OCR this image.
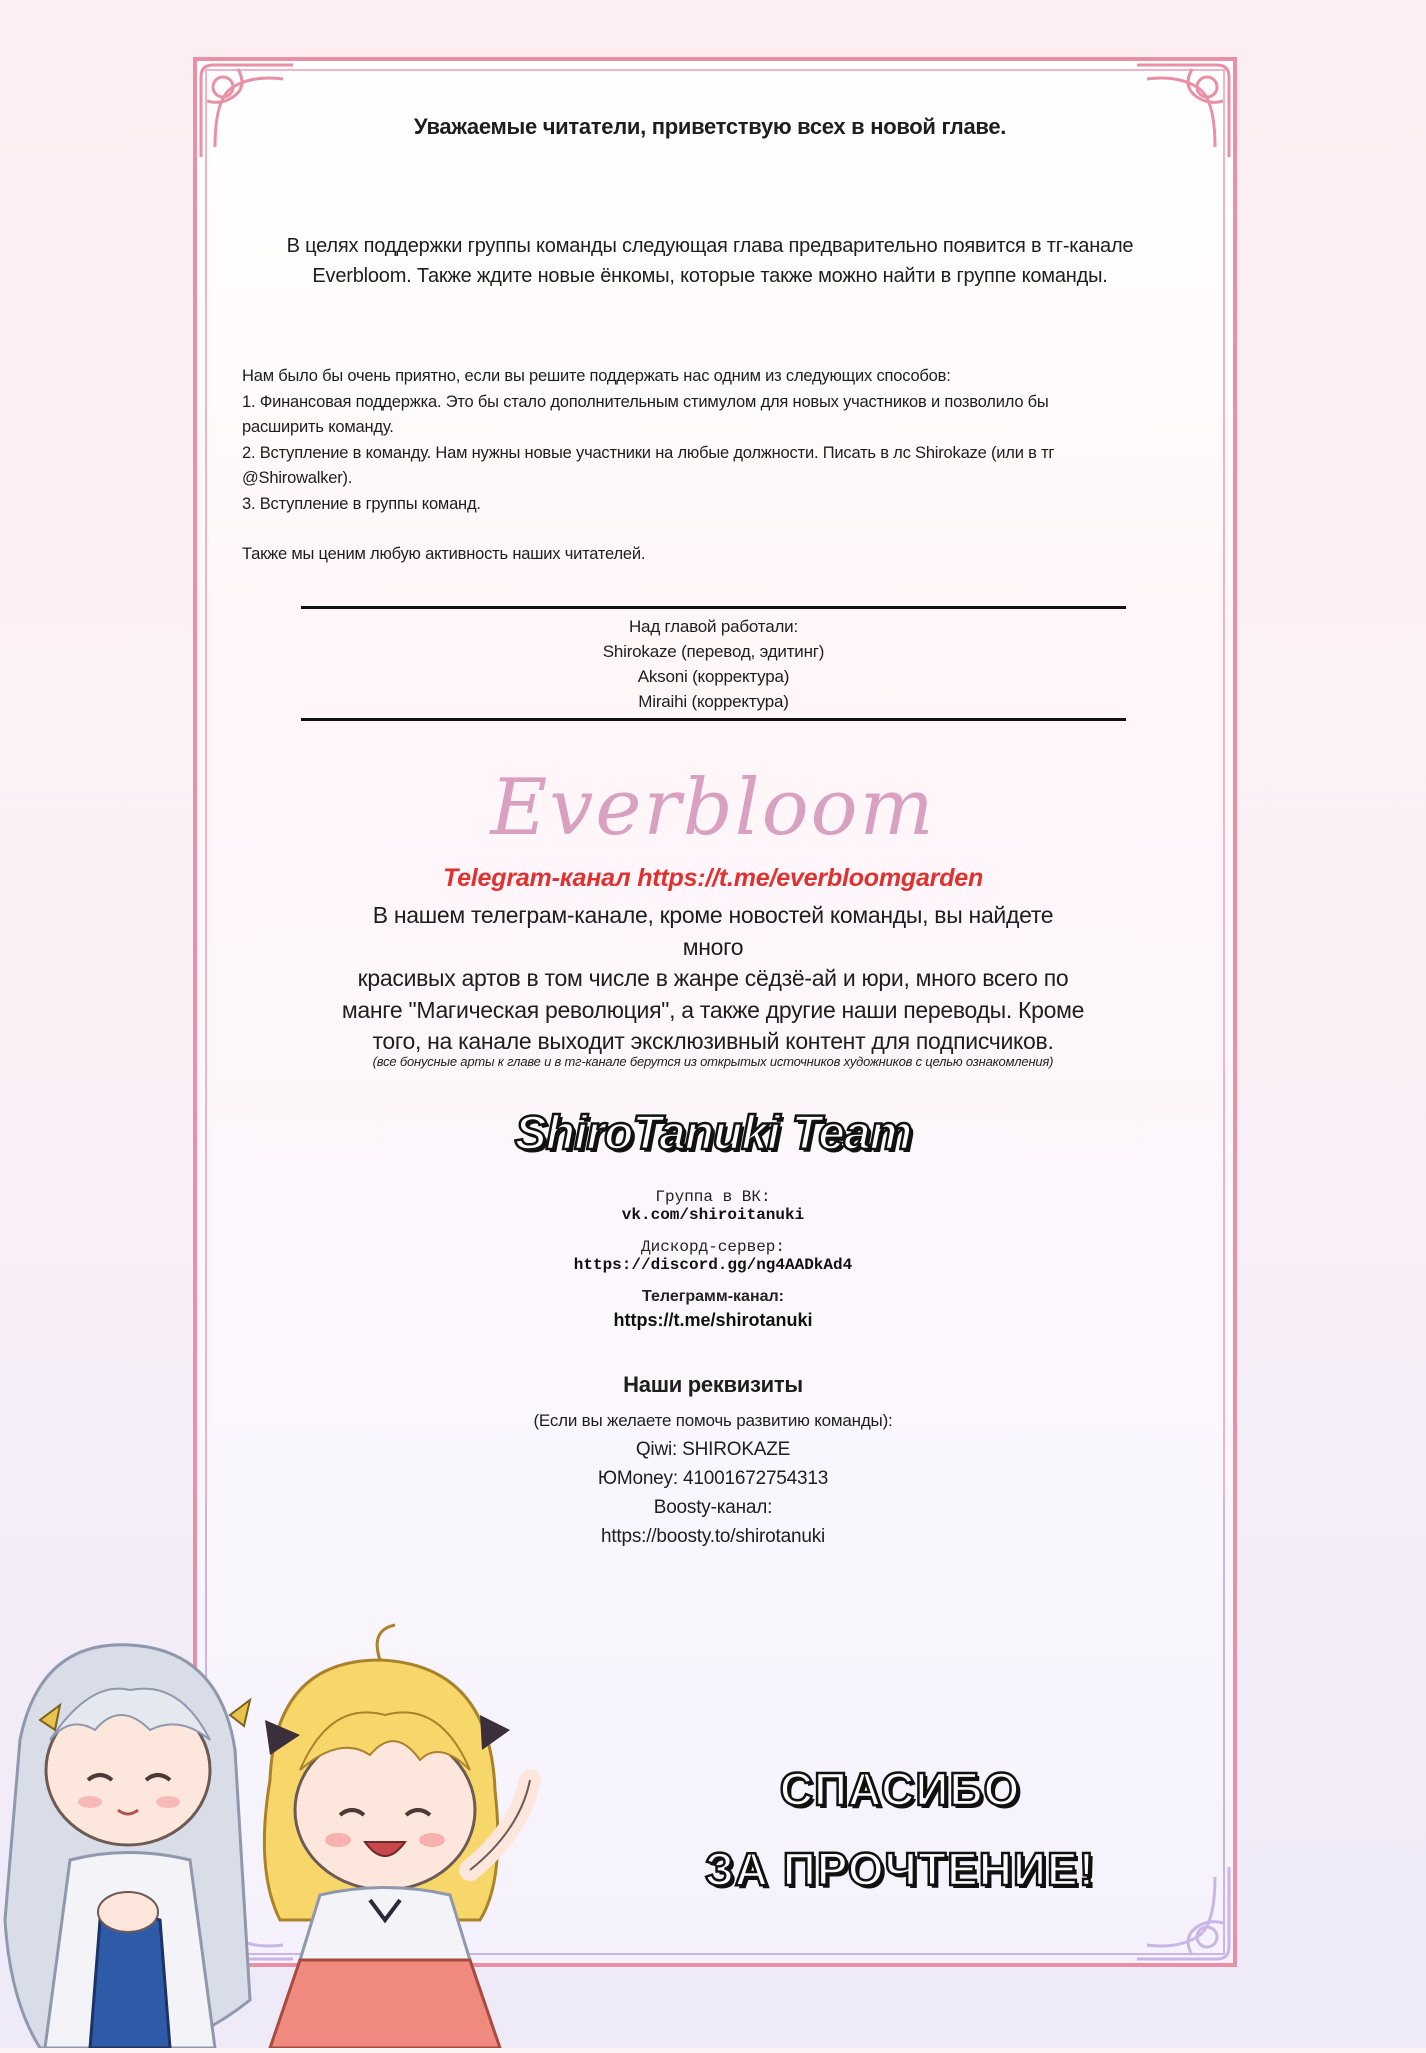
Уважаемые читатели, приветствую всех в новой главе.
В целях поддержки группы команды следующая глава предварительно появится в тг-канале
Everbloom. Также ждите новые ёнкомы, которые также можно найти в группе команды.

Нам было бы очень приятно, если вы решите поддержать нас одним из следующих способов:

1. Финансовая поддержка. Это бы стало дополнительным стимулом для новых участников и позволило бы

расширить команду.

2. Вступление в команду. Нам нужны новые участники на любые должности. Писать в лс Shirokaze (или в тг

@Shirowalker).

3. Вступление в группы команд.

Также мы ценим любую активность наших читателей.

Над главой работали:
Shirokaze (перевод, эдитинг)
Aksoni (корректура)
Miraihi (корректура)
Everbloom
Telegram-канал https://t.me/everbloomgarden
В нашем телеграм-канале, кроме новостей команды, вы найдете много
красивых артов в том числе в жанре сёдзё-ай и юри, много всего по
манге "Магическая революция", а также другие наши переводы. Кроме
того, на канале выходит эксклюзивный контент для подписчиков.
(все бонусные арты к главе и в тг-канале берутся из открытых источников художников с целью ознакомления)
ShiroTanuki Team
Группа в ВК:
vk.com/shiroitanuki
Дискорд-сервер:
https://discord.gg/ng4AADkAd4
Телеграмм-канал:
https://t.me/shirotanuki
Наши реквизиты
(Если вы желаете помочь развитию команды):
Qiwi: SHIROKAZE
ЮMoney: 41001672754313
Boosty-канал:
https://boosty.to/shirotanuki
СПАСИБО
ЗА ПРОЧТЕНИЕ!
